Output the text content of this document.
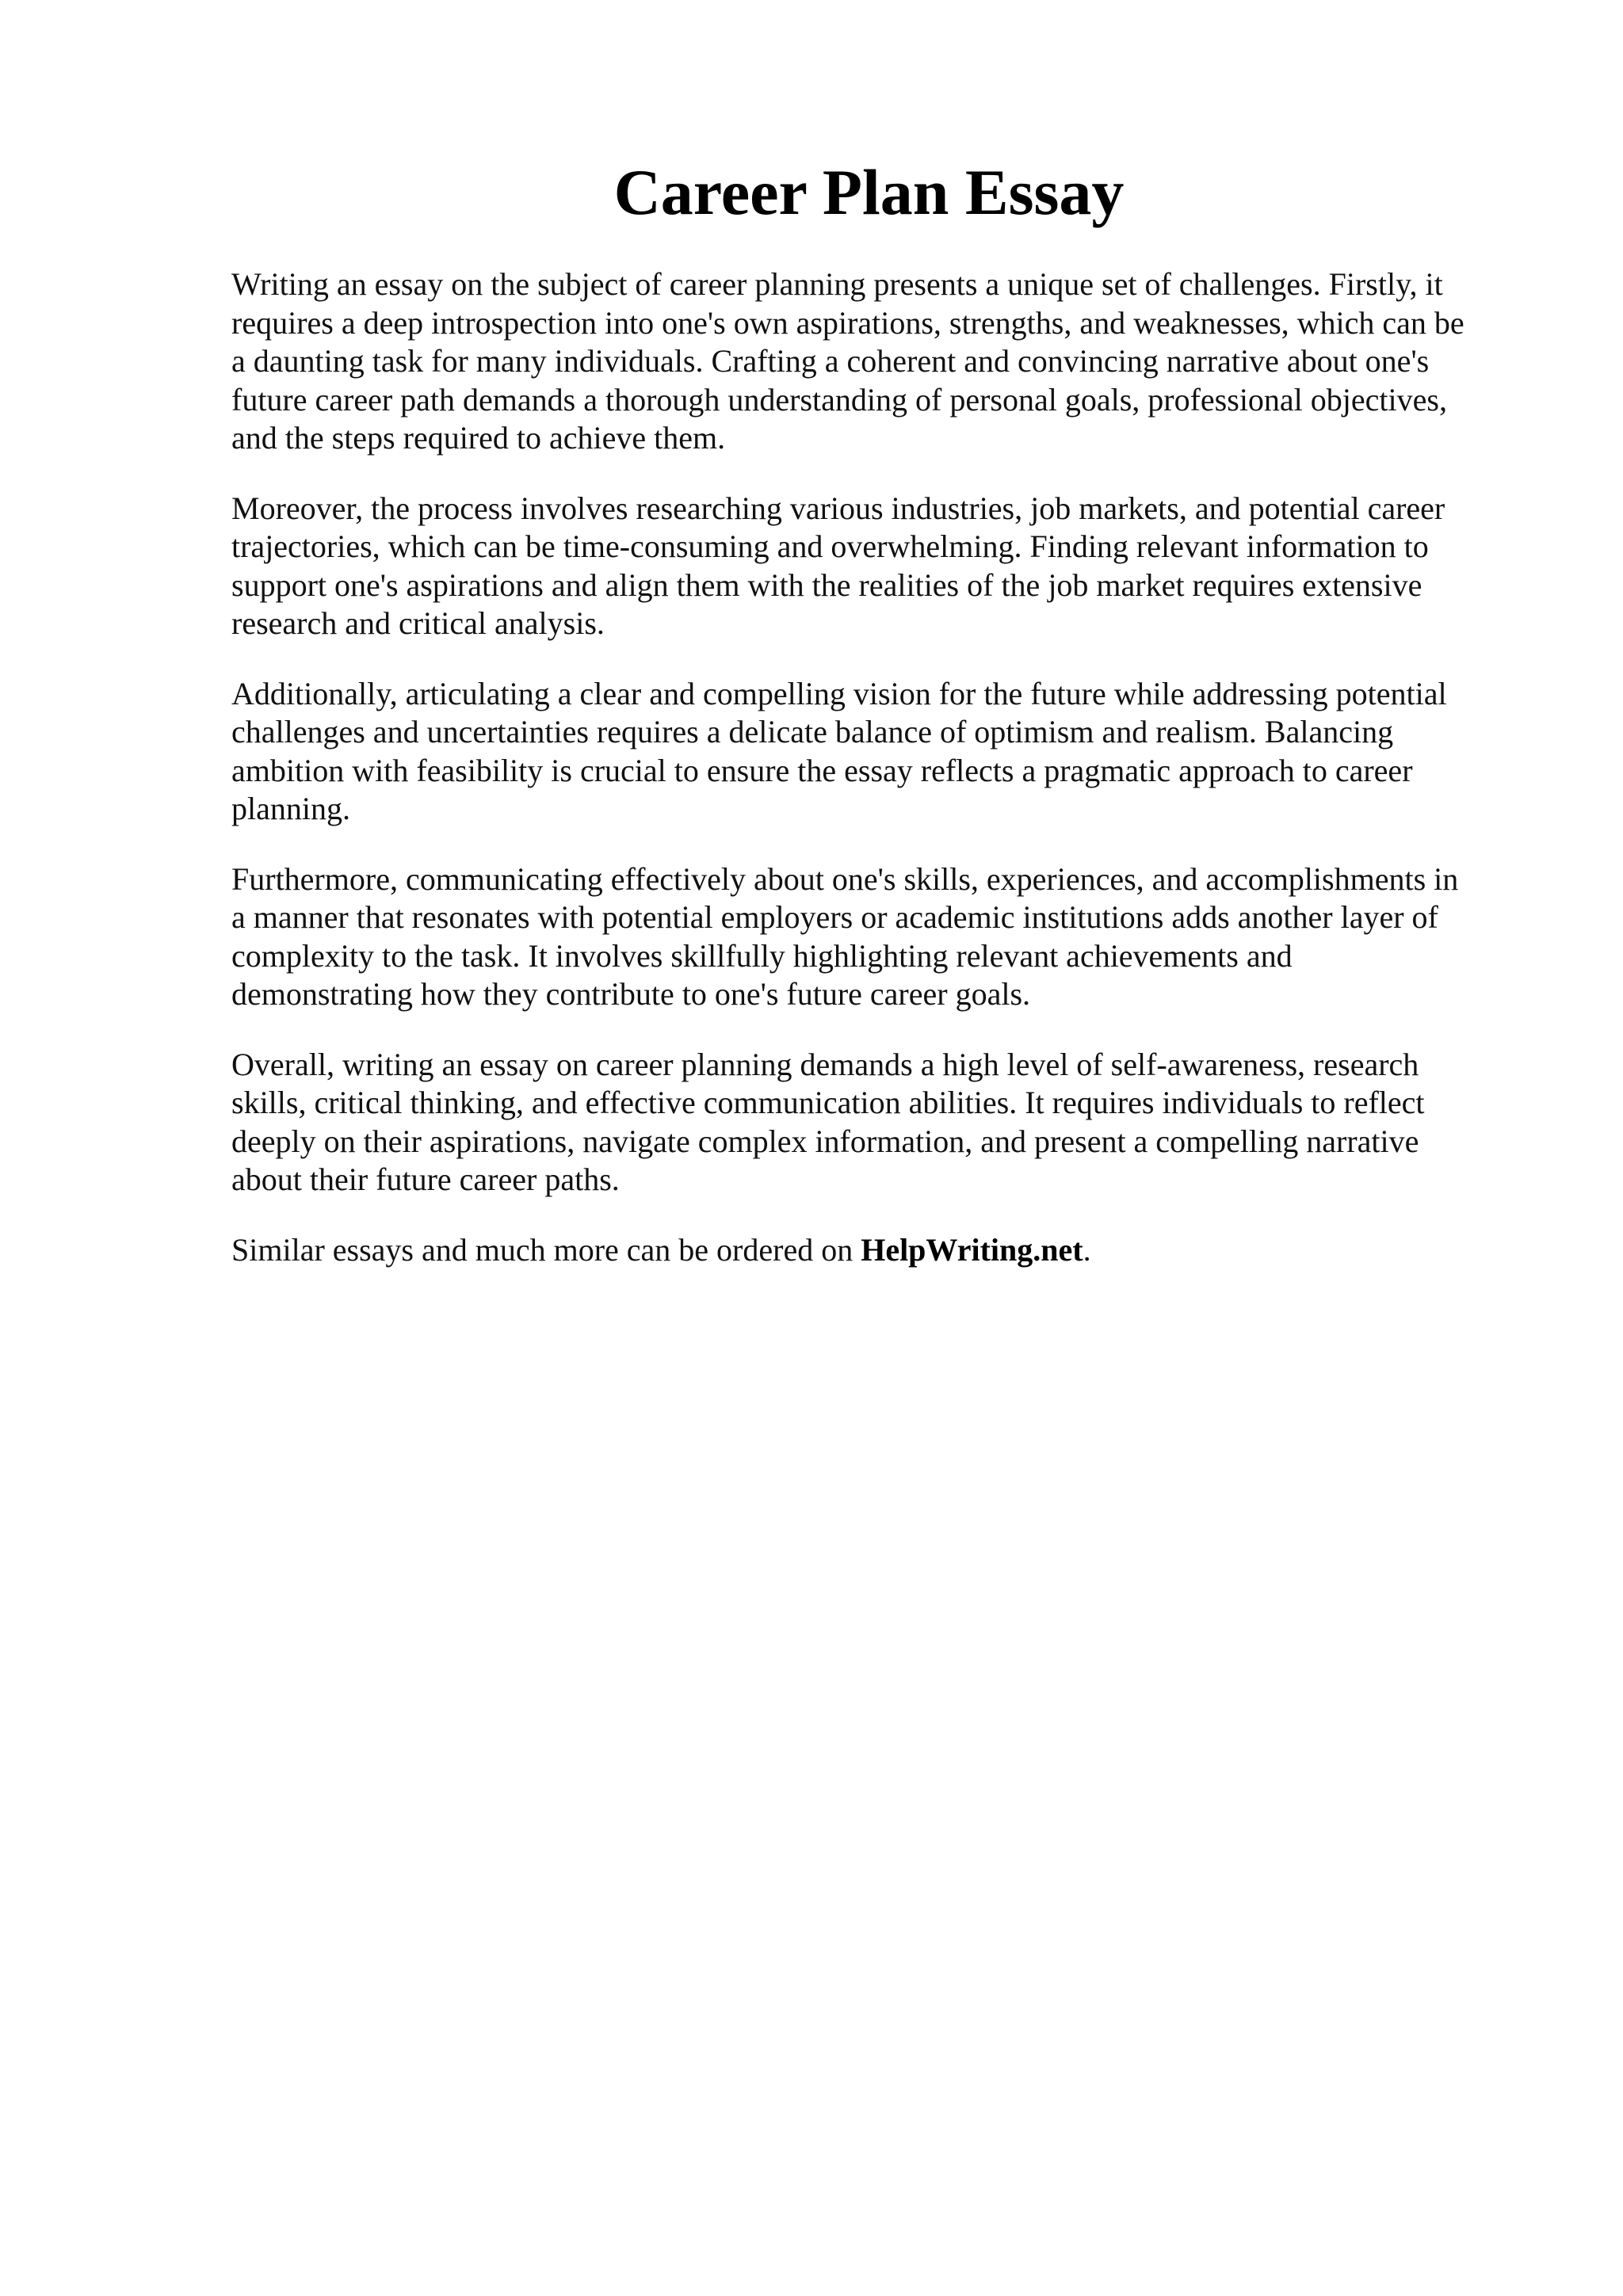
Career Plan Essay

Writing an essay on the subject of career planning presents a unique set of challenges. Firstly, it
requires a deep introspection into one's own aspirations, strengths, and weaknesses, which can be
a daunting task for many individuals. Crafting a coherent and convincing narrative about one's
future career path demands a thorough understanding of personal goals, professional objectives,
and the steps required to achieve them.

Moreover, the process involves researching various industries, job markets, and potential career
trajectories, which can be time-consuming and overwhelming. Finding relevant information to
support one's aspirations and align them with the realities of the job market requires extensive
research and critical analysis.

Additionally, articulating a clear and compelling vision for the future while addressing potential
challenges and uncertainties requires a delicate balance of optimism and realism. Balancing
ambition with feasibility is crucial to ensure the essay reflects a pragmatic approach to career
planning.

Furthermore, communicating effectively about one's skills, experiences, and accomplishments in
a manner that resonates with potential employers or academic institutions adds another layer of
complexity to the task. It involves skillfully highlighting relevant achievements and
demonstrating how they contribute to one's future career goals.

Overall, writing an essay on career planning demands a high level of self-awareness, research
skills, critical thinking, and effective communication abilities. It requires individuals to reflect
deeply on their aspirations, navigate complex information, and present a compelling narrative
about their future career paths.

Similar essays and much more can be ordered on HelpWriting.net.
